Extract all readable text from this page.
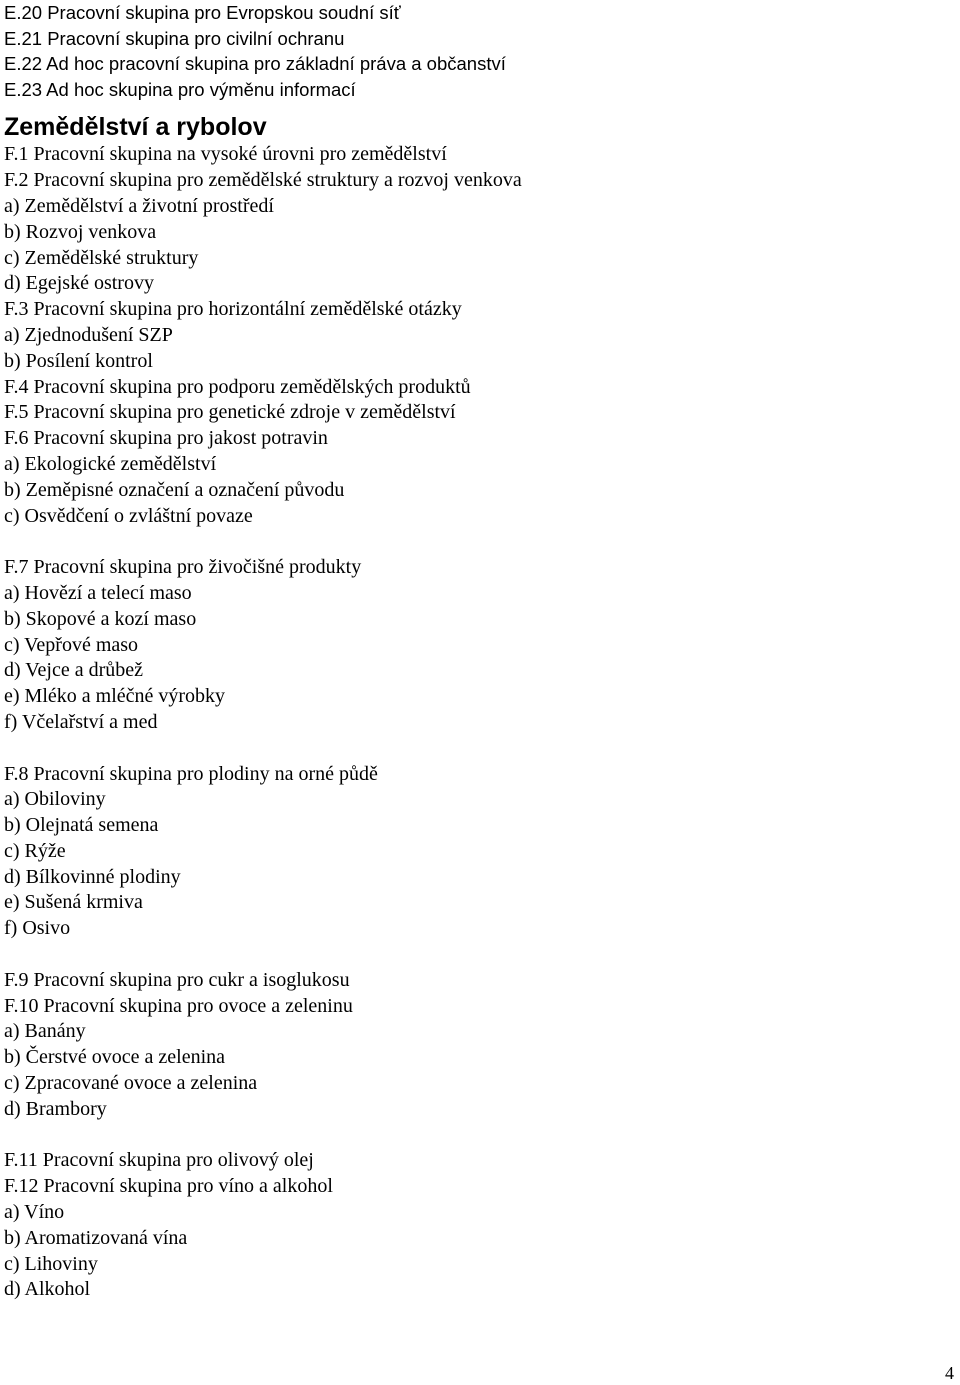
E.20 Pracovní skupina pro Evropskou soudní síť
E.21 Pracovní skupina pro civilní ochranu
E.22 Ad hoc pracovní skupina pro základní práva a občanství
E.23 Ad hoc skupina pro výměnu informací
Zemědělství a rybolov
F.1 Pracovní skupina na vysoké úrovni pro zemědělství
F.2 Pracovní skupina pro zemědělské struktury a rozvoj venkova
a) Zemědělství a životní prostředí
b) Rozvoj venkova
c) Zemědělské struktury
d) Egejské ostrovy
F.3 Pracovní skupina pro horizontální zemědělské otázky
a) Zjednodušení SZP
b) Posílení kontrol
F.4 Pracovní skupina pro podporu zemědělských produktů
F.5 Pracovní skupina pro genetické zdroje v zemědělství
F.6 Pracovní skupina pro jakost potravin
a) Ekologické zemědělství
b) Zeměpisné označení a označení původu
c) Osvědčení o zvláštní povaze
F.7 Pracovní skupina pro živočišné produkty
a) Hovězí a telecí maso
b) Skopové a kozí maso
c) Vepřové maso
d) Vejce a drůbež
e) Mléko a mléčné výrobky
f) Včelařství a med
F.8 Pracovní skupina pro plodiny na orné půdě
a) Obiloviny
b) Olejnatá semena
c) Rýže
d) Bílkovinné plodiny
e) Sušená krmiva
f) Osivo
F.9 Pracovní skupina pro cukr a isoglukosu
F.10 Pracovní skupina pro ovoce a zeleninu
a) Banány
b) Čerstvé ovoce a zelenina
c) Zpracované ovoce a zelenina
d) Brambory
F.11 Pracovní skupina pro olivový olej
F.12 Pracovní skupina pro víno a alkohol
a) Víno
b) Aromatizovaná vína
c) Lihoviny
d) Alkohol
4
